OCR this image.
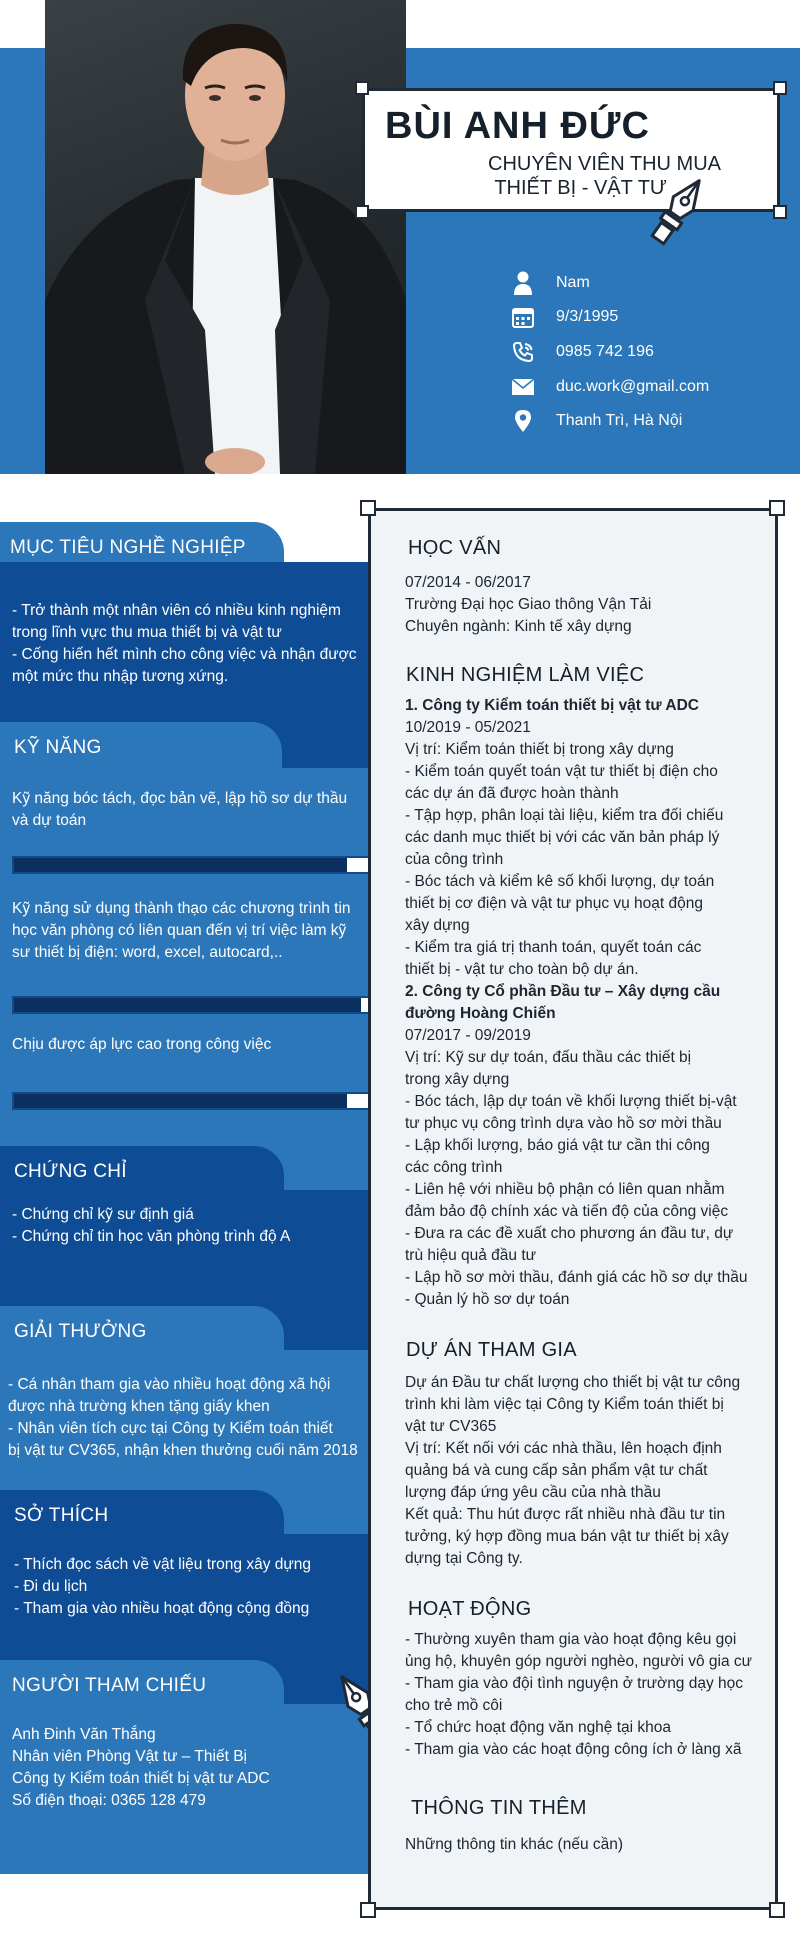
BÙI ANH ĐỨC
CHUYÊN VIÊN THU MUA
THIẾT BỊ - VẬT TƯ
Nam
9/3/1995
0985 742 196
duc.work@gmail.com
Thanh Trì, Hà Nội
MỤC TIÊU NGHỀ NGHIỆP
- Trở thành một nhân viên có nhiều kinh nghiệm
trong lĩnh vực thu mua thiết bị và vật tư
- Cống hiến hết mình cho công việc và nhận được
một mức thu nhập tương xứng.
KỸ NĂNG
Kỹ năng bóc tách, đọc bản vẽ, lập hồ sơ dự thầu
và dự toán
Kỹ năng sử dụng thành thạo các chương trình tin
học văn phòng có liên quan đến vị trí việc làm kỹ
sư thiết bị điện: word, excel, autocard,..
Chịu được áp lực cao trong công việc
CHỨNG CHỈ
- Chứng chỉ kỹ sư định giá
- Chứng chỉ tin học văn phòng trình độ A
GIẢI THƯỞNG
- Cá nhân tham gia vào nhiều hoạt động xã hội
được nhà trường khen tặng giấy khen
- Nhân viên tích cực tại Công ty Kiểm toán thiết
bị vật tư CV365, nhận khen thưởng cuối năm 2018
SỞ THÍCH
- Thích đọc sách về vật liệu trong xây dựng
- Đi du lịch
- Tham gia vào nhiều hoạt động cộng đồng
NGƯỜI THAM CHIẾU
Anh Đinh Văn Thắng
Nhân viên Phòng Vật tư – Thiết Bị
Công ty Kiểm toán thiết bị vật tư ADC
Số điện thoại: 0365 128 479
HỌC VẤN
07/2014 - 06/2017
Trường Đại học Giao thông Vận Tải
Chuyên ngành: Kinh tế xây dựng
KINH NGHIỆM LÀM VIỆC
1. Công ty Kiểm toán thiết bị vật tư ADC
10/2019 - 05/2021
Vị trí: Kiểm toán thiết bị trong xây dựng
- Kiểm toán quyết toán vật tư thiết bị điện cho
các dự án đã được hoàn thành
- Tập hợp, phân loại tài liệu, kiểm tra đối chiếu
các danh mục thiết bị với các văn bản pháp lý
của công trình
- Bóc tách và kiểm kê số khối lượng, dự toán
thiết bị cơ điện và vật tư phục vụ hoạt động
xây dựng
- Kiểm tra giá trị thanh toán, quyết toán các
thiết bị - vật tư cho toàn bộ dự án.
2. Công ty Cổ phần Đầu tư – Xây dựng cầu
đường Hoàng Chiến
07/2017 - 09/2019
Vị trí: Kỹ sư dự toán, đấu thầu các thiết bị
trong xây dựng
- Bóc tách, lập dự toán về khối lượng thiết bị-vật
tư phục vụ công trình dựa vào hồ sơ mời thầu
- Lập khối lượng, báo giá vật tư cần thi công
các công trình
- Liên hệ với nhiều bộ phận có liên quan nhằm
đảm bảo độ chính xác và tiến độ của công việc
- Đưa ra các đề xuất cho phương án đầu tư, dự
trù hiệu quả đầu tư
- Lập hồ sơ mời thầu, đánh giá các hồ sơ dự thầu
- Quản lý hồ sơ dự toán
DỰ ÁN THAM GIA
Dự án Đầu tư chất lượng cho thiết bị vật tư công
trình khi làm việc tại Công ty Kiểm toán thiết bị
vật tư CV365
Vị trí: Kết nối với các nhà thầu, lên hoạch định
quảng bá và cung cấp sản phẩm vật tư chất
lượng đáp ứng yêu cầu của nhà thầu
Kết quả: Thu hút được rất nhiều nhà đầu tư tin
tưởng, ký hợp đồng mua bán vật tư thiết bị xây
dựng tại Công ty.
HOẠT ĐỘNG
- Thường xuyên tham gia vào hoạt động kêu gọi
ủng hộ, khuyên góp người nghèo, người vô gia cư
- Tham gia vào đội tình nguyện ở trường dạy học
cho trẻ mồ côi
- Tổ chức hoạt động văn nghệ tại khoa
- Tham gia vào các hoạt động công ích ở làng xã
THÔNG TIN THÊM
Những thông tin khác (nếu cần)
